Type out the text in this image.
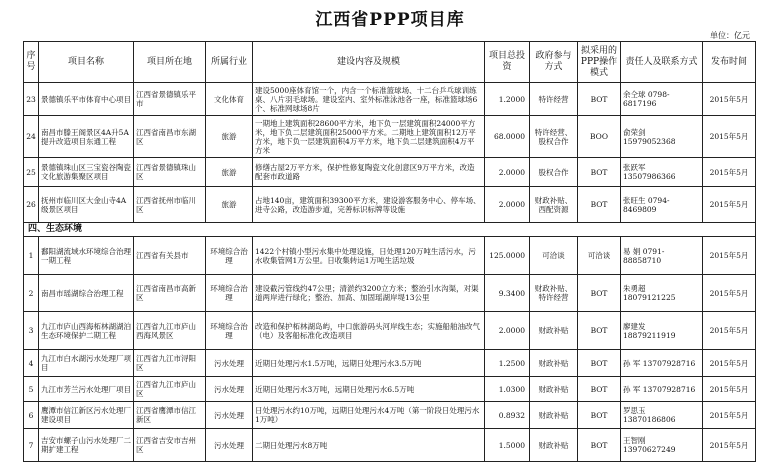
江西省PPP项目库
单位：亿元
序号	项目名称	项目所在地	所属行业	建设内容及规模	项目总投资	政府参与方式	拟采用的PPP操作模式	责任人及联系方式	发布时间
23	景德镇乐平市体育中心项目	江西省景德镇乐平市	文化体育	建设5000座体育馆一个，内含一个标准篮球场、十二台乒乓球训练桌、八片羽毛球场。建设室内、室外标准泳池各一座，标准篮球场6个、标准网球场8片	1.2000	特许经营	BOT	余仝球 0798-6817196	2015年5月
24	南昌市滕王阁景区4A升5A提升改造项目东通工程	江西省南昌市东湖区	旅游	一期地上建筑面积28600平方米，地下负一层建筑面积24000平方米，地下负二层建筑面积25000平方米。二期地上建筑面积12万平方米，地下负一层建筑面积4万平方米，地下负二层建筑面积4万平方米	68.0000	特许经营、股权合作	BOO	俞荣剑 15979052368	2015年5月
25	景德镇珠山区三宝瓷谷陶瓷文化旅游集聚区项目	江西省景德镇珠山区	旅游	修缮古屋2万平方米，保护性修复陶瓷文化创意区9万平方米，改造配套市政道路	2.0000	股权合作	BOT	张跃军 13507986366	2015年5月
26	抚州市临川区大金山寺4A级景区项目	江西省抚州市临川区	旅游	占地140亩，建筑面积39300平方米，建设游客服务中心、停车场、进寺公路，改造游步道，完善标识标牌等设施	2.0000	财政补贴、西配资源	BOT	张旺生 0794-8469809	2015年5月
四、生态环境									
1	鄱阳湖流域水环境综合治理一期工程	江西省有关县市	环境综合治理	1422个村镇小型污水集中处理设施，日处理120万吨生活污水，污水收集管网1万公里。日收集转运1万吨生活垃圾	125.0000	可洽谈	可洽谈	易 娟 0791-88858710	2015年5月
2	南昌市瑶湖综合治理工程	江西省南昌市高新区	环境综合治理	建设截污管线约47公里；清淤约3200立方米；整治引水沟渠，对渠道两岸进行绿化；整治、加高、加固瑶湖岸堤13公里	9.3400	财政补贴、特许经营	BOT	朱勇超 18079121225	2015年5月
3	九江市庐山西海柘林湖湖泊生态环境保护二期工程	江西省九江市庐山西海风景区	环境综合治理	改造和保护柘林湖岛屿，中口旅游码头河岸线生态；实施船舶油改气（电）及客船标准化改造项目	2.0000	财政补贴	BOT	廖建发 18879211919	2015年5月
4	九江市白水湖污水处理厂项目	江西省九江市浔阳区	污水处理	近期日处理污水1.5万吨，远期日处理污水3.5万吨	1.2500	财政补贴	BOT	孙 军 13707928716	2015年5月
5	九江市芳兰污水处理厂项目	江西省九江市庐山区	污水处理	近期日处理污水3万吨，远期日处理污水6.5万吨	1.0300	财政补贴	BOT	孙 军 13707928716	2015年5月
6	鹰潭市信江新区污水处理厂建设项目	江西省鹰潭市信江新区	污水处理	日处理污水约10万吨，远期日处理污水4万吨（第一阶段日处理污水1万吨）	0.8932	财政补贴	BOT	罗思玉 13870186806	2015年5月
7	吉安市螺子山污水处理厂二期扩建工程	江西省吉安市吉州区	污水处理	二期日处理污水8万吨	1.5000	财政补贴	BOT	王智刚 13970627249	2015年5月
